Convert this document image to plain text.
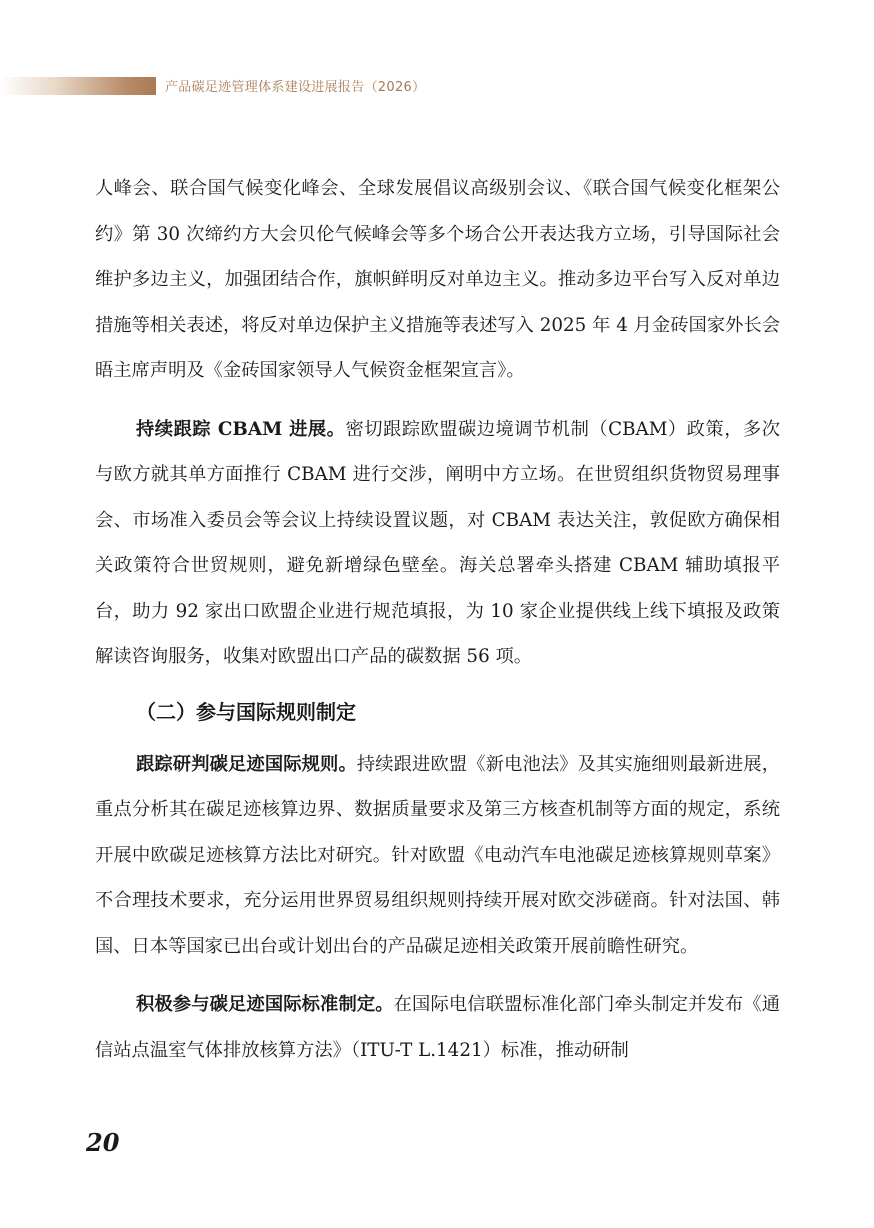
产品碳足迹管理体系建设进展报告（2026）

人峰会、联合国气候变化峰会、全球发展倡议高级别会议、《联合国气候变化框架公约》第 30 次缔约方大会贝伦气候峰会等多个场合公开表达我方立场，引导国际社会维护多边主义，加强团结合作，旗帜鲜明反对单边主义。推动多边平台写入反对单边措施等相关表述，将反对单边保护主义措施等表述写入 2025 年 4 月金砖国家外长会晤主席声明及《金砖国家领导人气候资金框架宣言》。

持续跟踪 CBAM 进展。密切跟踪欧盟碳边境调节机制（CBAM）政策，多次与欧方就其单方面推行 CBAM 进行交涉，阐明中方立场。在世贸组织货物贸易理事会、市场准入委员会等会议上持续设置议题，对 CBAM 表达关注，敦促欧方确保相关政策符合世贸规则，避免新增绿色壁垒。海关总署牵头搭建 CBAM 辅助填报平台，助力 92 家出口欧盟企业进行规范填报，为 10 家企业提供线上线下填报及政策解读咨询服务，收集对欧盟出口产品的碳数据 56 项。

（二）参与国际规则制定

跟踪研判碳足迹国际规则。持续跟进欧盟《新电池法》及其实施细则最新进展，重点分析其在碳足迹核算边界、数据质量要求及第三方核查机制等方面的规定，系统开展中欧碳足迹核算方法比对研究。针对欧盟《电动汽车电池碳足迹核算规则草案》不合理技术要求，充分运用世界贸易组织规则持续开展对欧交涉磋商。针对法国、韩国、日本等国家已出台或计划出台的产品碳足迹相关政策开展前瞻性研究。

积极参与碳足迹国际标准制定。在国际电信联盟标准化部门牵头制定并发布《通信站点温室气体排放核算方法》（ITU-T L.1421）标准，推动研制

20
